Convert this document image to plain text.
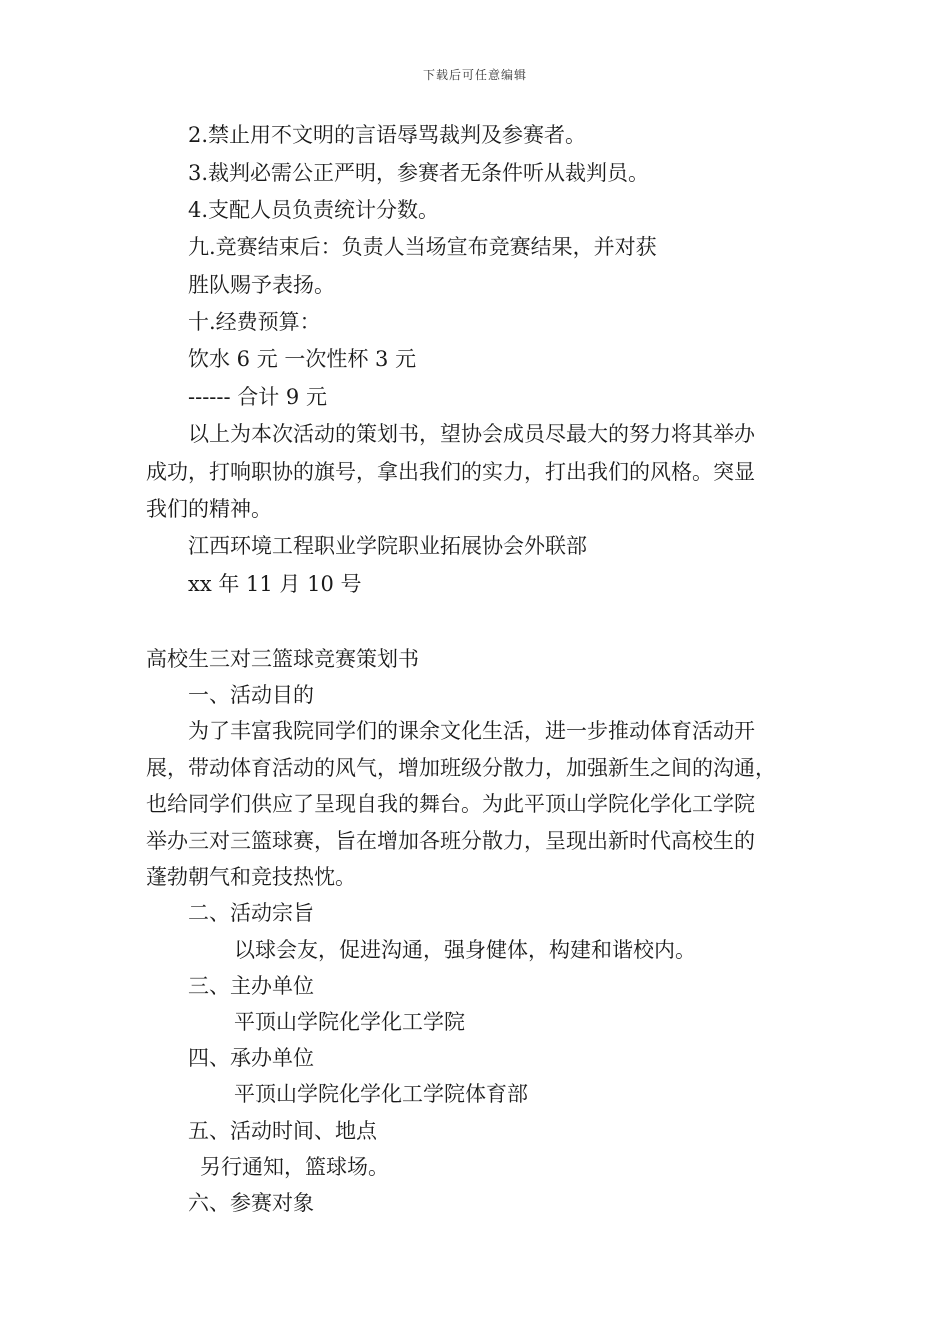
下载后可任意编辑
2.禁止用不文明的言语辱骂裁判及参赛者。
3.裁判必需公正严明，参赛者无条件听从裁判员。
4.支配人员负责统计分数。
九.竞赛结束后：负责人当场宣布竞赛结果，并对获
胜队赐予表扬。
十.经费预算：
饮水 6 元 一次性杯 3 元
------ 合计 9 元
以上为本次活动的策划书，望协会成员尽最大的努力将其举办
成功，打响职协的旗号，拿出我们的实力，打出我们的风格。突显
我们的精神。
江西环境工程职业学院职业拓展协会外联部
xx 年 11 月 10 号
高校生三对三篮球竞赛策划书
一、活动目的
为了丰富我院同学们的课余文化生活，进一步推动体育活动开
展，带动体育活动的风气，增加班级分散力，加强新生之间的沟通，
也给同学们供应了呈现自我的舞台。为此平顶山学院化学化工学院
举办三对三篮球赛，旨在增加各班分散力，呈现出新时代高校生的
蓬勃朝气和竞技热忱。
二、活动宗旨
以球会友，促进沟通，强身健体，构建和谐校内。
三、主办单位
平顶山学院化学化工学院
四、承办单位
平顶山学院化学化工学院体育部
五、活动时间、地点
另行通知，篮球场。
六、参赛对象
